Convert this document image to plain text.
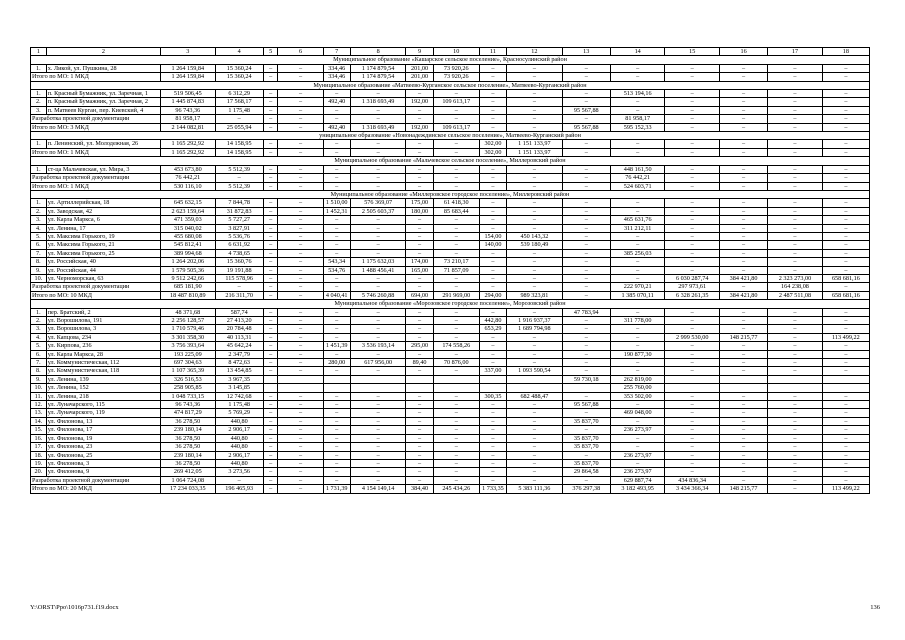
1	2	3	4	5	6	7	8	9	10	11	12	13	14	15	16	17	18
Муниципальное образование «Кашарское сельское поселение», Красносулинский район																	
1.	х. Ликой, ул. Пушкина, 28	1 264 159,84	15 360,24	–	–	334,46	1 174 879,54	201,00	73 920,26	–	–	–	–	–	–	–	–
Итого по МО: 1 МКД		1 264 159,84	15 360,24	–	–	334,46	1 174 879,54	201,00	73 920,26	–	–	–	–	–	–	–	–
Муниципальное образование «Матвеево-Курганское сельское поселение», Матвеево-Курганский район																	
1.	п. Красный Бумажник, ул. Заречная, 1	519 506,45	6 312,29	–	–	–	–	–	–	–	–	–	513 194,16	–	–	–	–
2.	п. Красный Бумажник, ул. Заречная, 2	1 445 874,83	17 568,17	–	–	492,40	1 318 693,49	192,00	109 613,17	–	–	–	–	–	–	–	–
3.	п. Матвеев Курган, пер. Киевский, 4	96 743,36	1 175,48	–	–	–	–	–	–	–	–	95 567,88	–	–	–	–	–
Разработка проектной документации		81 958,17	–	–	–	–	–	–	–	–	–	–	81 958,17	–	–	–	–
Итого по МО: 3 МКД		2 144 082,81	25 055,94	–	–	492,40	1 318 693,49	192,00	109 613,17	–	–	95 567,88	595 152,33	–	–	–	–
униципальное образование «Новонадеждинское сельское поселение», Матвеево-Курганский район																	
1.	п. Ленинский, ул. Молодежная, 26	1 165 292,92	14 158,95	–	–	–	–	–	–	302,00	1 151 133,97	–	–	–	–	–	–
Итого по МО: 1 МКД		1 165 292,92	14 158,95	–	–	–	–	–	–	302,00	1 151 133,97	–	–	–	–	–	–
Муниципальное образование «Мальчевское сельское поселение», Миллеровский район																	
1.	ст-ца Мальчевская, ул. Мира, 3	453 673,80	5 512,39	–	–	–	–	–	–	–	–	–	448 161,50	–	–	–	–
Разработка проектной документации		76 442,21	–	–	–	–	–	–	–	–	–	–	76 442,21	–	–	–	–
Итого по МО: 1 МКД		530 116,10	5 512,39	–	–	–	–	–	–	–	–	–	524 603,71	–	–	–	–
Муниципальное образование «Миллеровское городское поселение», Миллеровский район																	
1.	ул. Артиллерийская, 18	645 632,15	7 844,78	–	–	1 510,00	576 369,07	175,00	61 418,30	–	–	–	–	–	–	–	–
2.	ул. Заводская, 42	2 623 159,64	31 872,83	–	–	1 452,31	2 505 603,37	180,00	85 683,44	–	–	–	–	–	–	–	–
3.	ул. Карла Маркса, 6	471 359,03	5 727,27	–	–	–	–	–	–	–	–	–	465 631,76	–	–	–	–
4.	ул. Ленина, 17	315 040,02	3 827,91	–	–	–	–	–	–	–	–	–	311 212,11	–	–	–	–
5.	ул. Максима Горького, 19	455 680,08	5 536,76	–	–	–	–	–	–	154,00	450 143,32	–	–	–	–	–	–
6.	ул. Максима Горького, 21	545 812,41	6 631,92	–	–	–	–	–	–	140,00	539 180,49	–	–	–	–	–	–
7.	ул. Максима Горького, 25	389 994,68	4 738,65	–	–	–	–	–	–	–	–	–	385 256,03	–	–	–	–
8.	ул. Российская, 40	1 264 202,06	15 360,76	–	–	543,34	1 175 632,03	174,00	73 210,17	–	–	–	–	–	–	–	–
9.	ул. Российская, 44	1 579 505,36	19 191,88	–	–	534,76	1 488 456,41	165,00	71 857,09	–	–	–	–	–	–	–	–
10.	ул. Черноморская, 63	9 512 242,66	115 578,96	–	–	–	–	–	–	–	–	–	–	6 030 287,74	384 421,80	2 323 273,00	658 681,16
Разработка проектной документации		685 181,90	–	–	–	–	–	–	–	–	–	–	222 970,21	297 973,61	–	164 238,08	–
Итого по МО: 10 МКД		18 487 810,89	216 311,70	–	–	4 040,41	5 746 260,88	694,00	291 969,00	294,00	989 323,81	–	1 385 070,11	6 328 261,35	384 421,80	2 487 511,08	658 681,16
Муниципальное образование «Морозовское городское поселение», Морозовский район																	
1.	пер. Братский, 2	48 371,68	587,74	–	–	–	–	–	–	–	–	47 783,94	–	–	–	–	–
2.	ул. Ворошилова, 191	2 256 128,57	27 413,20	–	–	–	–	–	–	442,80	1 916 937,37	–	311 778,00	–	–	–	–
3.	ул. Ворошилова, 3	1 710 579,46	20 784,48	–	–	–	–	–	–	653,29	1 689 794,98	–	–	–	–	–	–
4.	ул. Капцова, 234	3 301 358,30	40 113,31	–	–	–	–	–	–	–	–	–	–	2 999 530,00	148 215,77	–	113 499,22
5.	ул. Кирпова, 236	3 756 393,64	45 642,24	–	–	1 451,39	3 536 193,14	295,00	174 558,26	–	–	–	–	–	–	–	–
6.	ул. Карла Маркса, 28	193 225,09	2 347,79	–	–	–	–	–	–	–	–	–	190 877,30	–	–	–	–
7.	ул. Коммунистическая, 112	697 304,63	8 472,63	–	–	280,00	617 956,00	89,40	70 876,00	–	–	–	–	–	–	–	–
8.	ул. Коммунистическая, 118	1 107 365,39	13 454,85	–	–	–	–	–	–	337,00	1 093 590,54	–	–	–	–	–	–
9.	ул. Ленина, 139	326 516,53	3 967,35									59 730,18	262 819,00				
10.	ул. Ленина, 152	258 905,85	3 145,85										255 760,00				
11.	ул. Ленина, 218	1 048 733,15	12 742,68	–	–	–	–	–	–	300,35	682 488,47	–	353 502,00	–	–	–	–
12.	ул. Луначарского, 115	96 743,36	1 175,48	–	–	–	–	–	–	–	–	95 567,88	–	–	–	–	–
13.	ул. Луначарского, 119	474 817,29	5 769,29	–	–	–	–	–	–	–	–	–	469 048,00	–	–	–	–
14.	ул. Филонова, 13	36 278,50	440,80	–	–	–	–	–	–	–	–	35 837,70	–	–	–	–	–
15.	ул. Филонова, 17	239 180,14	2 906,17	–	–	–	–	–	–	–	–	–	236 273,97	–	–	–	–
16.	ул. Филонова, 19	36 278,50	440,80	–	–	–	–	–	–	–	–	35 837,70	–	–	–	–	–
17.	ул. Филонова, 23	36 278,50	440,80	–	–	–	–	–	–	–	–	35 837,70	–	–	–	–	–
18.	ул. Филонова, 25	239 180,14	2 906,17	–	–	–	–	–	–	–	–	–	236 273,97	–	–	–	–
19.	ул. Филонова, 3	36 278,50	440,80	–	–	–	–	–	–	–	–	35 837,70	–	–	–	–	–
20.	ул. Филонова, 9	269 412,05	3 273,56	–	–	–	–	–	–	–	–	29 864,58	236 273,97	–	–	–	–
Разработка проектной документации		1 064 724,08	–	–	–	–	–	–	–	–	–	–	629 887,74	434 836,34	–	–	–
Итого по МО: 20 МКД		17 234 033,35	196 465,93	–	–	1 731,39	4 154 149,14	384,40	245 434,26	1 733,35	5 383 111,36	376 297,38	3 182 493,95	3 434 366,34	148 215,77	–	113 499,22
Y:\ORST\Ppo\1016p731.f19.docx	136
